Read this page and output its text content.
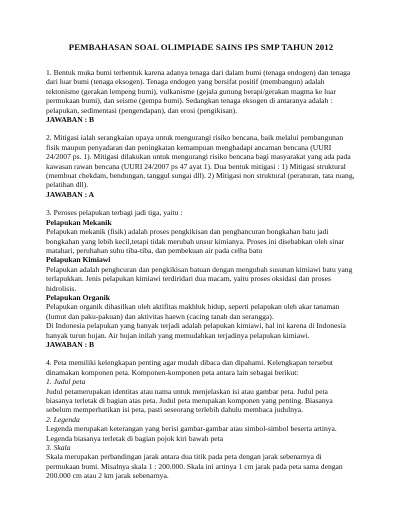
PEMBAHASAN SOAL OLIMPIADE SAINS IPS SMP TAHUN 2012

1. Bentuk muka bumi terbentuk karena adanya tenaga dari dalam bumi (tenaga endogen) dan tenaga dari luar bumi (tenaga eksogen). Tenaga endogen yang bersifat positif (membangun) adalah tektonisme (gerakan lempeng bumi), vulkanisme (gejala gunung berapi/gerakan magma ke luar permukaan bumi), dan seisme (gempa bumi). Sedangkan tenaga eksogen di antaranya adalah : pelapukan, sedimentasi (pengendapan), dan erosi (pengikisan).

JAWABAN : B

2. Mitigasi ialah serangkaian upaya untuk mengurangi risiko bencana, baik melalui pembangunan fisik maupun penyadaran dan peningkatan kemampuan menghadapi ancaman bencana (UURI 24/2007 ps. 1). Mitigasi dilakukan untuk mengurangi risiko bencana bagi masyarakat yang ada pada kawasan rawan bencana (UURI 24/2007 ps 47 ayat 1). Dua bentuk mitigasi : 1) Mitigasi struktural (membuat chekdam, bendungan, tanggul sungai dll). 2) Mitigasi non struktural (peraturan, tata ruang, pelatihan dll).

JAWABAN : A

3. Peroses pelapukan terbagi jadi tiga, yaitu :

Pelapukan Mekanik

Pelapukan mekanik (fisik) adalah proses pengkikisan dan penghancuran bongkahan batu jadi bongkahan yang lebih kecil,tetapi tidak merubah unsur kimianya. Proses ini disebabkan oleh sinar matahari, peruhahan suhu tiba-tiba, dan pembekuan air pada celha batu

Pelapukan Kimiawi

Pelapukan adalah penghcuran dan pengkikisan batuan dengan mengubah susunan kimiawi batu yang terlapukkan. Jenis pelapukan kimiawi terdiridari dua macam, yaitu proses oksidasi dan proses hidrolisis.

Pelapukan Organik

Pelapukan organik dihasilkan oleh aktifitas makhluk hidup, seperti pelapukan oleh akar tanaman (lumut dan paku-pakuan) dan aktivitas haewn (cacing tanah dan serangga).

Di Indonesia pelapukan yang banyak terjadi adalah pelapukan kimiawi, hal ini karena di Indonesia hanyak turun hujan. Air hujan inilah yang memudahkan terjadinya pelapukan kimiawi.

JAWABAN : B

4. Peta memiliki kelengkapan penting agar mudah dibaca dan dipahami. Kelengkapan tersebut dinamakan komponen peta. Komponen-komponen peta antara lain sebagai berikut:

1. Judul peta

Judul petamerupakan identitas atau nama untuk menjelaskan isi atau gambar peta. Judul peta biasanya terletak di bagian atas peta. Judul peta merupakan komponen yang penting. Biasanya sebelum memperhatikan isi peta, pasti seseorang terlebih dahulu membaca judulnya.

2. Legenda

Legenda merupakan keterangan yang berisi gambar-gambar atau simbol-simbol beserta artinya. Legenda biasanya terletak di bagian pojok kiri bawah peta

3. Skala

Skala merupakan perbandingan jarak antara dua titik pada peta dengan jarak sebenarnya di permukaan bumi. Misalnya skala 1 : 200.000. Skala ini artinya 1 cm jarak pada peta sama dengan 200.000 cm atau 2 km jarak sebenarnya.
